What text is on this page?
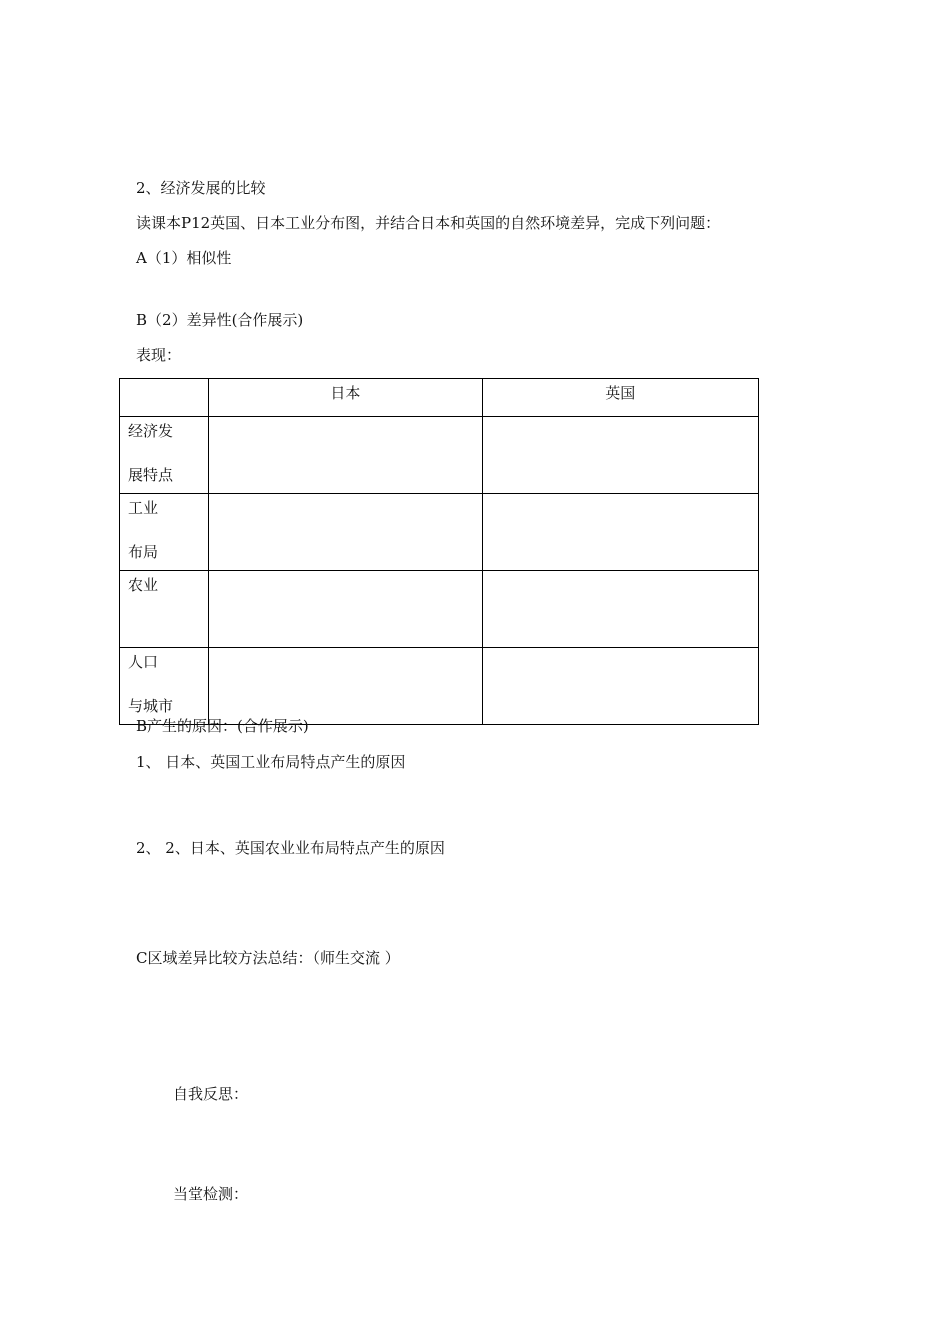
2、经济发展的比较
读课本P12英国、日本工业分布图，并结合日本和英国的自然环境差异，完成下列问题：
A（1）相似性
B（2）差异性(合作展示)
表现：
	日本	英国

经济发
展特点		

工业
布局		

农业		

人口
与城市		

B产生的原因：(合作展示)
1、 日本、英国工业布局特点产生的原因
2、 2、日本、英国农业业布局特点产生的原因
C区域差异比较方法总结：（师生交流 ）
自我反思：
当堂检测：
